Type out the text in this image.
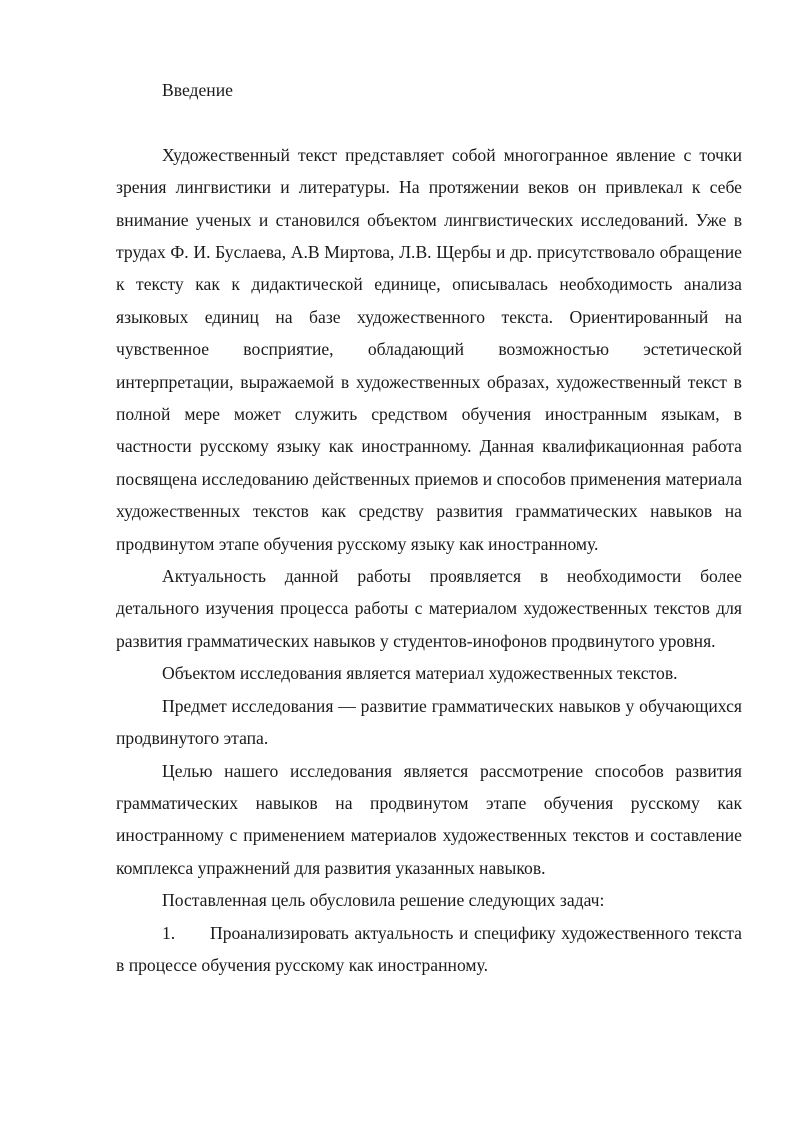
Введение

Художественный текст представляет собой многогранное явление с точки зрения лингвистики и литературы. На протяжении веков он привлекал к себе внимание ученых и становился объектом лингвистических исследований. Уже в трудах Ф. И. Буслаева, А.В Миртова, Л.В. Щербы и др. присутствовало обращение к тексту как к дидактической единице, описывалась необходимость анализа языковых единиц на базе художественного текста. Ориентированный на чувственное восприятие, обладающий возможностью эстетической интерпретации, выражаемой в художественных образах, художественный текст в полной мере может служить средством обучения иностранным языкам, в частности русскому языку как иностранному. Данная квалификационная работа посвящена исследованию действенных приемов и способов применения материала художественных текстов как средству развития грамматических навыков на продвинутом этапе обучения русскому языку как иностранному.

Актуальность данной работы проявляется в необходимости более детального изучения процесса работы с материалом художественных текстов для развития грамматических навыков у студентов-инофонов продвинутого уровня.

Объектом исследования является материал художественных текстов.

Предмет исследования — развитие грамматических навыков у обучающихся продвинутого этапа.

Целью нашего исследования является рассмотрение способов развития грамматических навыков на продвинутом этапе обучения русскому как иностранному с применением материалов художественных текстов и составление комплекса упражнений для развития указанных навыков.

Поставленная цель обусловила решение следующих задач:

1. Проанализировать актуальность и специфику художественного текста в процессе обучения русскому как иностранному.
